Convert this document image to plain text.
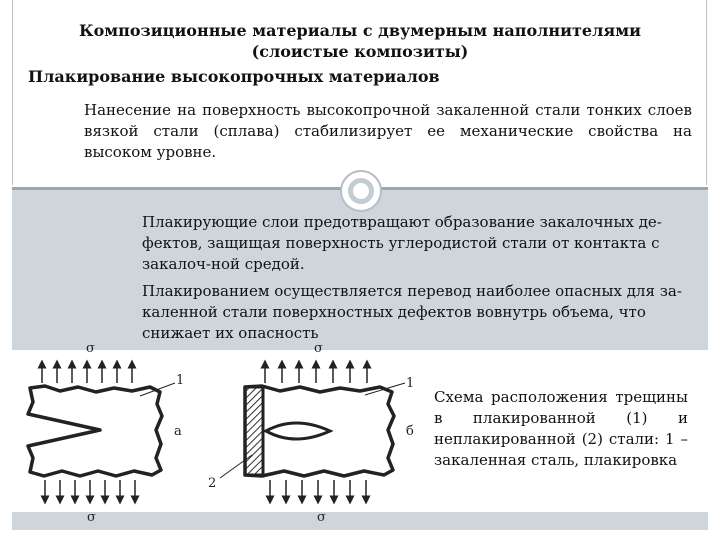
Композиционные материалы с двумерным наполнителями
(слоистые композиты)
Плакирование высокопрочных материалов
Нанесение на поверхность высокопрочной закаленной стали тонких слоев вязкой стали (сплава) стабилизирует ее механические свойства на высоком уровне.
Плакирующие слои предотвращают образование закалочных де-фектов, защищая поверхность углеродистой стали от контакта с закалоч-ной средой.
Плакированием осуществляется перевод наиболее опасных для за-каленной стали поверхностных дефектов вовнутрь объема, что снижает их опасность
σ	σ
σ	σ
1	1
2
а	б
Схема расположения трещины в плакированной (1) и неплакированной (2) стали: 1 – закаленная сталь, плакировка
